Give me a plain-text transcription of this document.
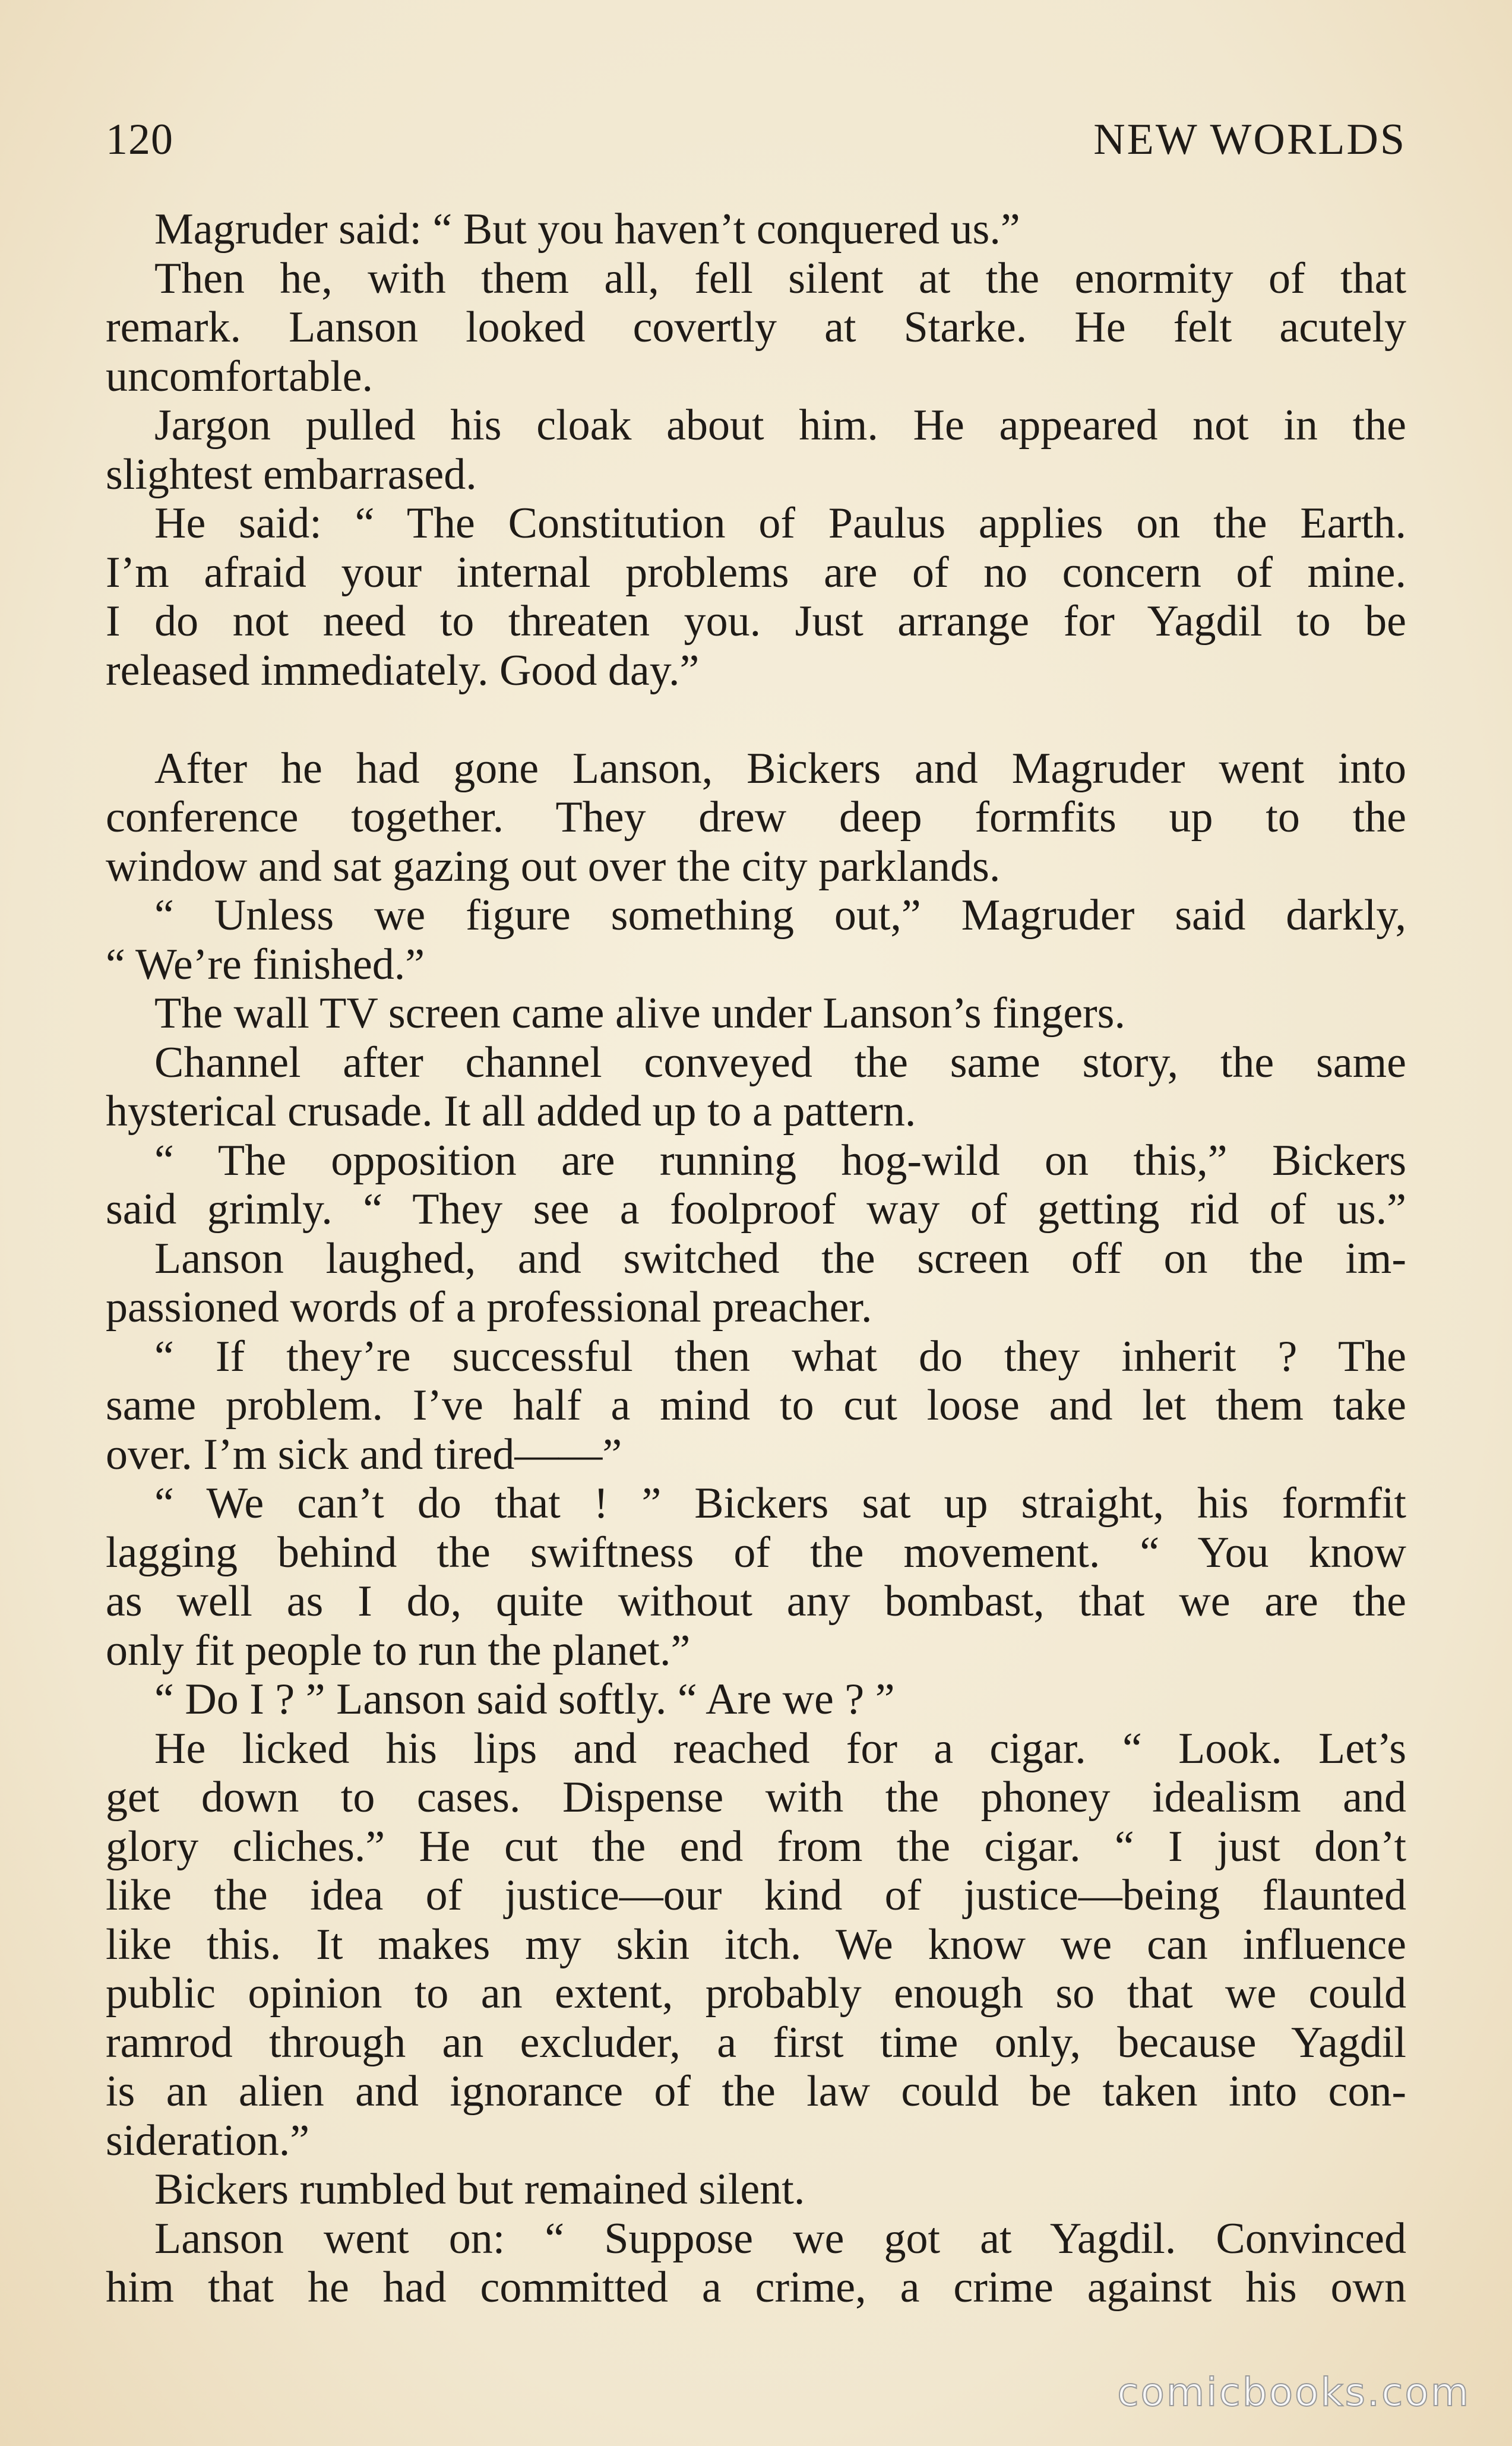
120	NEW WORLDS
Magruder said: “ But you haven’t conquered us.”
Then he, with them all, fell silent at the enormity of that
remark. Lanson looked covertly at Starke. He felt acutely
uncomfortable.
Jargon pulled his cloak about him. He appeared not in the
slightest embarrased.
He said: “ The Constitution of Paulus applies on the Earth.
I’m afraid your internal problems are of no concern of mine.
I do not need to threaten you. Just arrange for Yagdil to be
released immediately. Good day.”
After he had gone Lanson, Bickers and Magruder went into
conference together. They drew deep formfits up to the
window and sat gazing out over the city parklands.
“ Unless we figure something out,” Magruder said darkly,
“ We’re finished.”
The wall TV screen came alive under Lanson’s fingers.
Channel after channel conveyed the same story, the same
hysterical crusade. It all added up to a pattern.
“ The opposition are running hog-wild on this,” Bickers
said grimly. “ They see a foolproof way of getting rid of us.”
Lanson laughed, and switched the screen off on the im-
passioned words of a professional preacher.
“ If they’re successful then what do they inherit ? The
same problem. I’ve half a mind to cut loose and let them take
over. I’m sick and tired——”
“ We can’t do that ! ” Bickers sat up straight, his formfit
lagging behind the swiftness of the movement. “ You know
as well as I do, quite without any bombast, that we are the
only fit people to run the planet.”
“ Do I ? ” Lanson said softly. “ Are we ? ”
He licked his lips and reached for a cigar. “ Look. Let’s
get down to cases. Dispense with the phoney idealism and
glory cliches.” He cut the end from the cigar. “ I just don’t
like the idea of justice—our kind of justice—being flaunted
like this. It makes my skin itch. We know we can influence
public opinion to an extent, probably enough so that we could
ramrod through an excluder, a first time only, because Yagdil
is an alien and ignorance of the law could be taken into con-
sideration.”
Bickers rumbled but remained silent.
Lanson went on: “ Suppose we got at Yagdil. Convinced
him that he had committed a crime, a crime against his own
comicbooks.com
